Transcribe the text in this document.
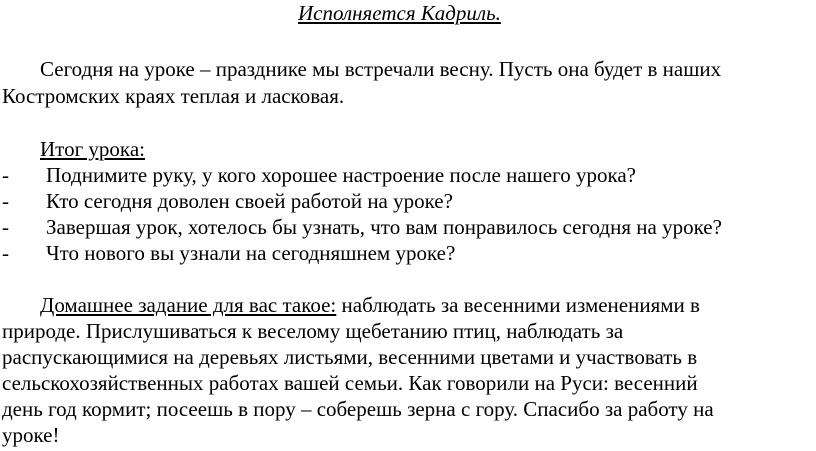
Исполняется Кадриль.
Сегодня на уроке – празднике мы встречали весну. Пусть она будет в наших
Костромских краях теплая и ласковая.
Итог урока:
- Поднимите руку, у кого хорошее настроение после нашего урока?
- Кто сегодня доволен своей работой на уроке?
- Завершая урок, хотелось бы узнать, что вам понравилось сегодня на уроке?
- Что нового вы узнали на сегодняшнем уроке?
Домашнее задание для вас такое: наблюдать за весенними изменениями в
природе. Прислушиваться к веселому щебетанию птиц, наблюдать за
распускающимися на деревьях листьями, весенними цветами и участвовать в
сельскохозяйственных работах вашей семьи. Как говорили на Руси: весенний
день год кормит; посеешь в пору – соберешь зерна с гору. Спасибо за работу на
уроке!
